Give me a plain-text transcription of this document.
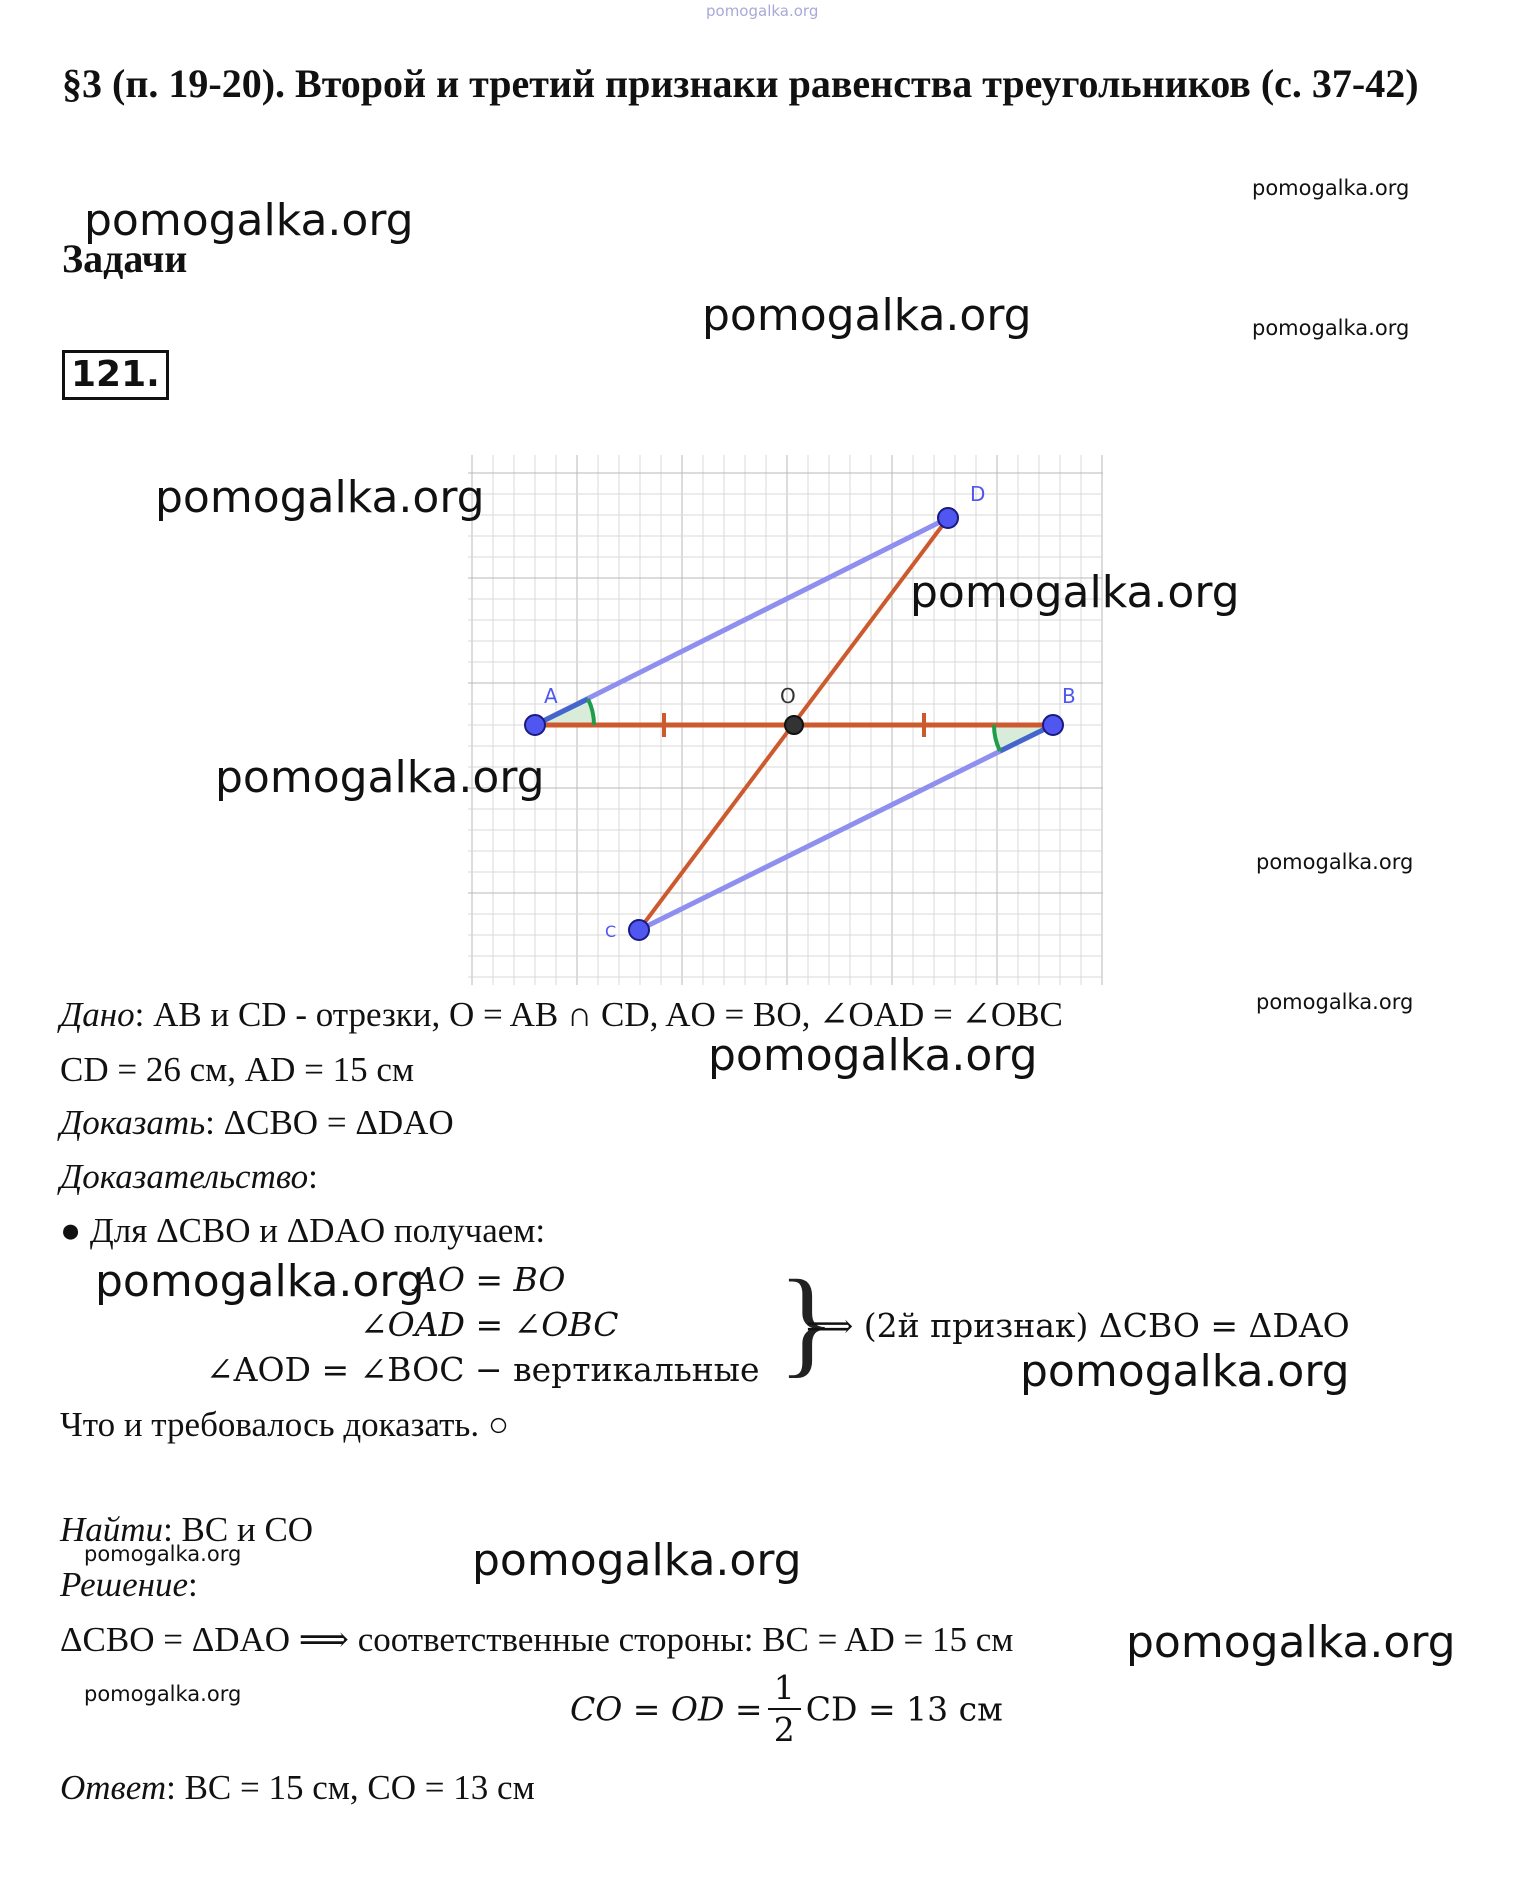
pomogalka.org
§3 (п. 19-20). Второй и третий признаки равенства треугольников (с. 37-42)
Задачи
121.
pomogalka.org
pomogalka.org
pomogalka.org	pomogalka.org
A	B
D
O
C
pomogalka.org
pomogalka.org
pomogalka.org
pomogalka.org
pomogalka.org
Дано: AB и CD - отрезки, O = AB ∩ CD, AO = BO, ∠OAD = ∠OBC
CD = 26 см, AD = 15 см	pomogalka.org
Доказать: ΔCBO = ΔDAO
Доказательство:
● Для ΔCBO и ΔDAO получаем:
pomogalka.org
AO = BO
∠OAD = ∠OBC
∠AOD = ∠BOC − вертикальные }
⟹ (2й признак) ΔCBO = ΔDAO
pomogalka.org
Что и требовалось доказать. ○
Найти: BC и CO
pomogalka.org
Решение:	pomogalka.org
ΔCBO = ΔDAO ⟹ соответственные стороны: BC = AD = 15 см	pomogalka.org
pomogalka.org	CO = OD = $\frac{1}{2}$ CD = 13 см
Ответ: BC = 15 см, CO = 13 см
